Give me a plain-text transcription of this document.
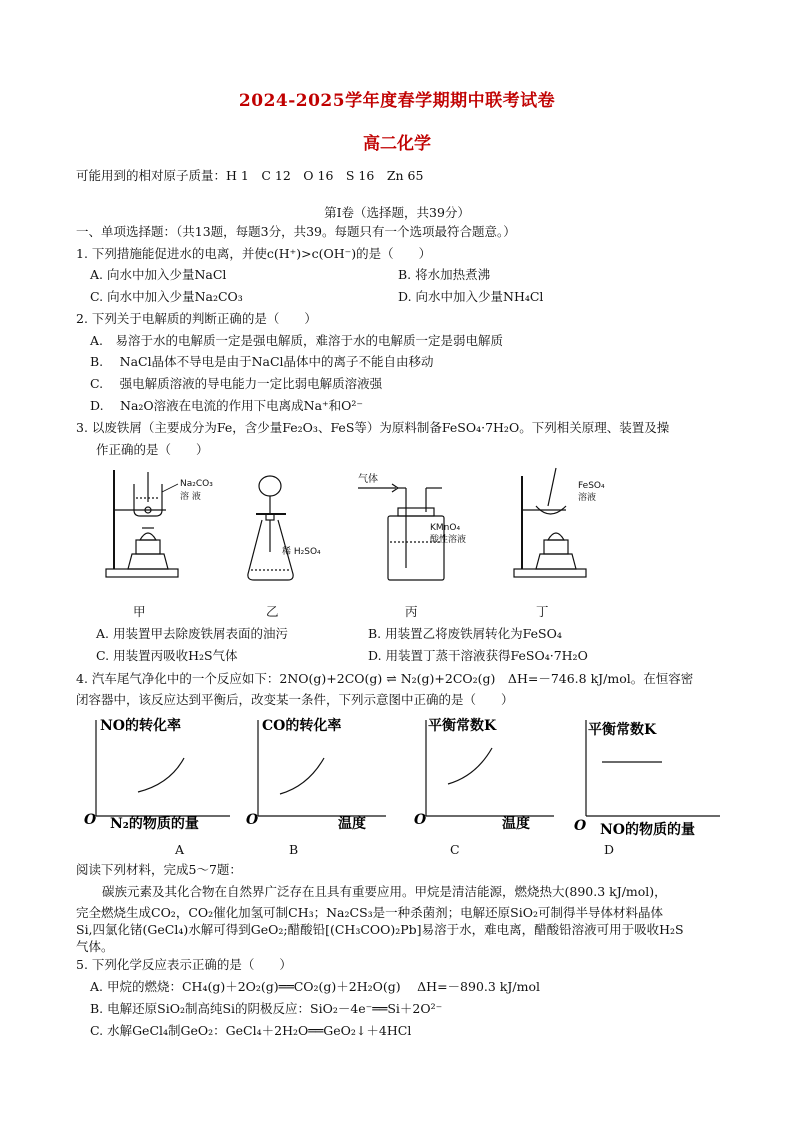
2024-2025学年度春学期期中联考试卷
高二化学
可能用到的相对原子质量：H 1　C 12　O 16　S 16　Zn 65
第Ⅰ卷（选择题，共39分）
一、单项选择题：（共13题，每题3分，共39。每题只有一个选项最符合题意。）
1. 下列措施能促进水的电离，并使c(H⁺)>c(OH⁻)的是（　　）
A. 向水中加入少量NaCl	B. 将水加热煮沸
C. 向水中加入少量Na₂CO₃	D. 向水中加入少量NH₄Cl
2. 下列关于电解质的判断正确的是（　　）
A.　易溶于水的电解质一定是强电解质，难溶于水的电解质一定是弱电解质
B.　 NaCl晶体不导电是由于NaCl晶体中的离子不能自由移动
C.　 强电解质溶液的导电能力一定比弱电解质溶液强
D.　 Na₂O溶液在电流的作用下电离成Na⁺和O²⁻
3. 以废铁屑（主要成分为Fe，含少量Fe₂O₃、FeS等）为原料制备FeSO₄·7H₂O。下列相关原理、装置及操
作正确的是（　　）
Na₂CO₃
溶 液
稀 H₂SO₄
气体
KMnO₄
酸性溶液
FeSO₄
溶液
甲	乙	丙	丁
A. 用装置甲去除废铁屑表面的油污	B. 用装置乙将废铁屑转化为FeSO₄
C. 用装置丙吸收H₂S气体	D. 用装置丁蒸干溶液获得FeSO₄·7H₂O
4. 汽车尾气净化中的一个反应如下：2NO(g)+2CO(g) ⇌ N₂(g)+2CO₂(g)　ΔH=－746.8 kJ/mol。在恒容密
闭容器中，该反应达到平衡后，改变某一条件，下列示意图中正确的是（　　）
NO的转化率
O N₂的物质的量
A
CO的转化率
O	温度
B
平衡常数K
O	温度
C
平衡常数K
O NO的物质的量
D
阅读下列材料，完成5～7题：
碳族元素及其化合物在自然界广泛存在且具有重要应用。甲烷是清洁能源，燃烧热大(890.3 kJ/mol)，
完全燃烧生成CO₂，CO₂催化加氢可制CH₃；Na₂CS₃是一种杀菌剂；电解还原SiO₂可制得半导体材料晶体
Si,四氯化锗(GeCl₄)水解可得到GeO₂;醋酸铅[(CH₃COO)₂Pb]易溶于水，难电离，醋酸铅溶液可用于吸收H₂S
气体。
5. 下列化学反应表示正确的是（　　）
A. 甲烷的燃烧：CH₄(g)＋2O₂(g)══CO₂(g)＋2H₂O(g)　 ΔH=－890.3 kJ/mol
B. 电解还原SiO₂制高纯Si的阴极反应：SiO₂－4e⁻══Si＋2O²⁻
C. 水解GeCl₄制GeO₂：GeCl₄＋2H₂O══GeO₂↓＋4HCl
